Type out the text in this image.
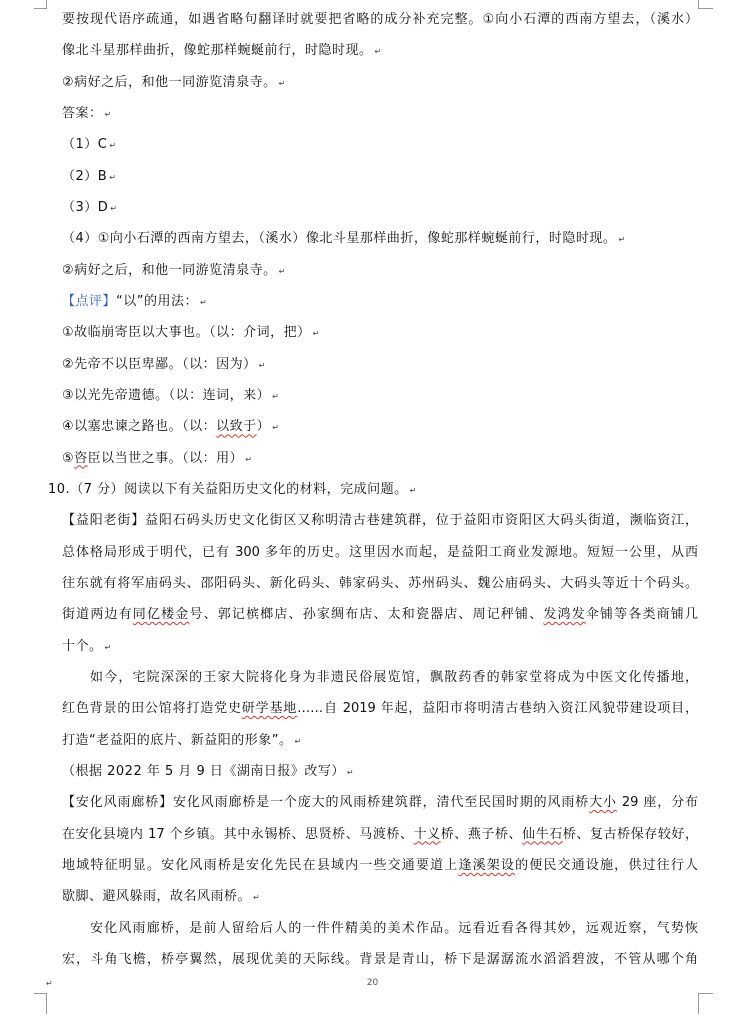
要按现代语序疏通，如遇省略句翻译时就要把省略的成分补充完整。①向小石潭的西南方望去，（溪水）
像北斗星那样曲折，像蛇那样蜿蜒前行，时隐时现。 ↵
②病好之后，和他一同游览清泉寺。 ↵
答案： ↵
（1）C ↵
（2）B ↵
（3）D ↵
（4）①向小石潭的西南方望去，（溪水）像北斗星那样曲折，像蛇那样蜿蜒前行，时隐时现。 ↵
②病好之后，和他一同游览清泉寺。 ↵
【点评】“以”的用法： ↵
①故临崩寄臣以大事也。（以：介词，把） ↵
②先帝不以臣卑鄙。（以：因为） ↵
③以光先帝遗德。（以：连词，来） ↵
④以塞忠谏之路也。（以：以致于） ↵
⑤咨臣以当世之事。（以：用） ↵
10.（7 分）阅读以下有关益阳历史文化的材料，完成问题。 ↵
【益阳老街】益阳石码头历史文化街区又称明清古巷建筑群，位于益阳市资阳区大码头街道，濒临资江，
总体格局形成于明代，已有 300 多年的历史。这里因水而起，是益阳工商业发源地。短短一公里，从西
往东就有将军庙码头、邵阳码头、新化码头、韩家码头、苏州码头、魏公庙码头、大码头等近十个码头。
街道两边有同亿楼金号、郭记槟榔店、孙家绸布店、太和瓷器店、周记秤铺、发鸿发伞铺等各类商铺几
十个。 ↵
如今，宅院深深的王家大院将化身为非遗民俗展览馆，飘散药香的韩家堂将成为中医文化传播地，
红色背景的田公馆将打造党史研学基地……自 2019 年起，益阳市将明清古巷纳入资江风貌带建设项目，
打造“老益阳的底片、新益阳的形象”。 ↵
（根据 2022 年 5 月 9 日《湖南日报》改写） ↵
【安化风雨廊桥】安化风雨廊桥是一个庞大的风雨桥建筑群，清代至民国时期的风雨桥大小 29 座，分布
在安化县境内 17 个乡镇。其中永锡桥、思贤桥、马渡桥、十义桥、燕子桥、仙牛石桥、复古桥保存较好，
地域特征明显。安化风雨桥是安化先民在县域内一些交通要道上逢溪架设的便民交通设施，供过往行人
歇脚、避风躲雨，故名风雨桥。 ↵
安化风雨廊桥，是前人留给后人的一件件精美的美术作品。远看近看各得其妙，远观近察，气势恢
宏，斗角飞檐，桥亭翼然，展现优美的天际线。背景是青山，桥下是潺潺流水滔滔碧波，不管从哪个角
↵	20
